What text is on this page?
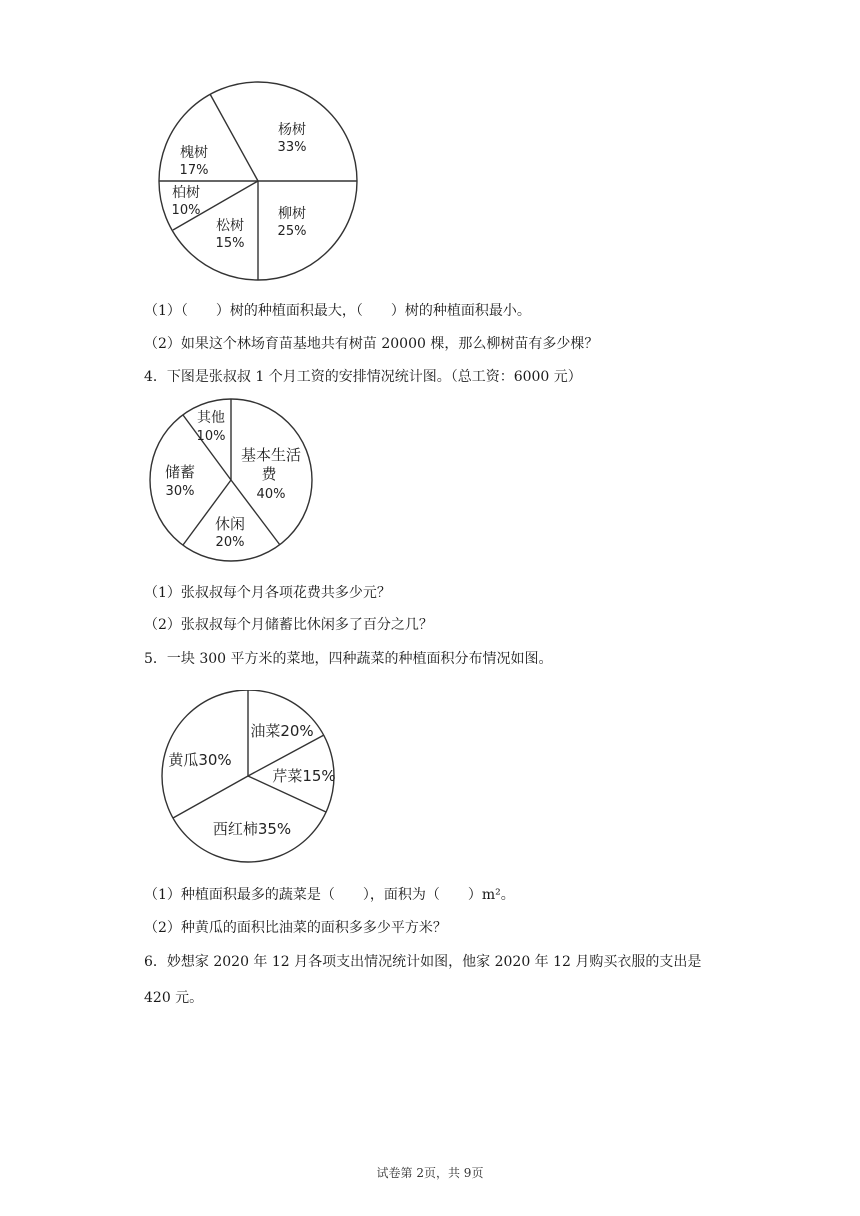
杨树
33%
柳树
25%
松树
15%
柏树
10%
槐树
17%
（1）（　　）树的种植面积最大，（　　）树的种植面积最小。
（2）如果这个林场育苗基地共有树苗 20000 棵，那么柳树苗有多少棵？
4．下图是张叔叔 1 个月工资的安排情况统计图。（总工资：6000 元）
其他
10%
基本生活
费
40%
休闲
20%
储蓄
30%
（1）张叔叔每个月各项花费共多少元？
（2）张叔叔每个月储蓄比休闲多了百分之几？
5．一块 300 平方米的菜地，四种蔬菜的种植面积分布情况如图。
油菜20%
芹菜15%
西红柿35%
黄瓜30%
（1）种植面积最多的蔬菜是（　　），面积为（　　）m²。
（2）种黄瓜的面积比油菜的面积多多少平方米？
6．妙想家 2020 年 12 月各项支出情况统计如图，他家 2020 年 12 月购买衣服的支出是
420 元。
试卷第 2页，共 9页
